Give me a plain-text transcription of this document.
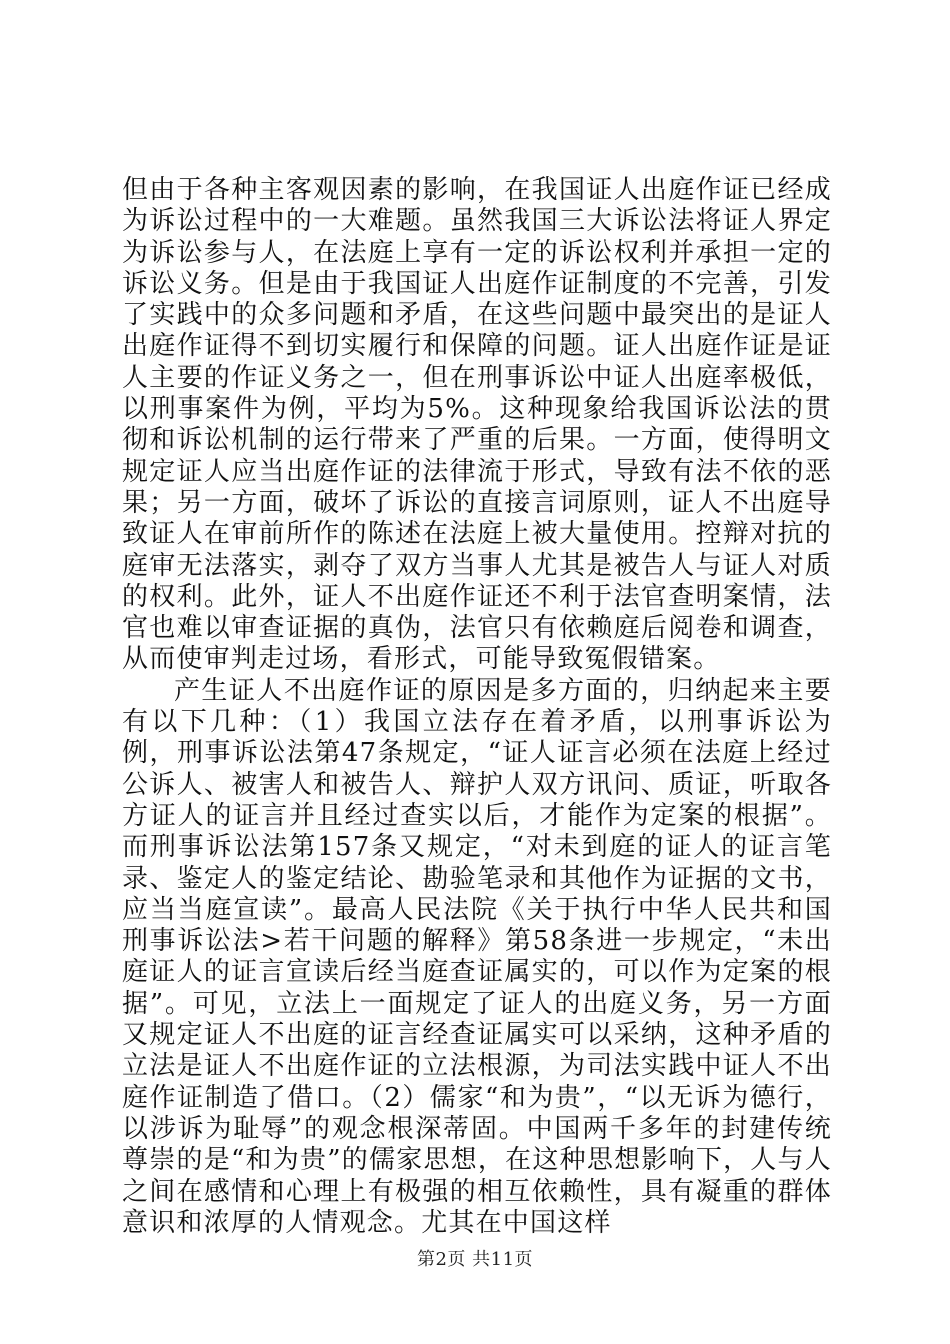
但由于各种主客观因素的影响，在我国证人出庭作证已经成为诉讼过程中的一大难题。虽然我国三大诉讼法将证人界定为诉讼参与人，在法庭上享有一定的诉讼权利并承担一定的诉讼义务。但是由于我国证人出庭作证制度的不完善，引发了实践中的众多问题和矛盾，在这些问题中最突出的是证人出庭作证得不到切实履行和保障的问题。证人出庭作证是证人主要的作证义务之一，但在刑事诉讼中证人出庭率极低，以刑事案件为例，平均为5%。这种现象给我国诉讼法的贯彻和诉讼机制的运行带来了严重的后果。一方面，使得明文规定证人应当出庭作证的法律流于形式，导致有法不依的恶果；另一方面，破坏了诉讼的直接言词原则，证人不出庭导致证人在审前所作的陈述在法庭上被大量使用。控辩对抗的庭审无法落实，剥夺了双方当事人尤其是被告人与证人对质的权利。此外，证人不出庭作证还不利于法官查明案情，法官也难以审查证据的真伪，法官只有依赖庭后阅卷和调查，从而使审判走过场，看形式，可能导致冤假错案。

产生证人不出庭作证的原因是多方面的，归纳起来主要有以下几种：（1）我国立法存在着矛盾，以刑事诉讼为例，刑事诉讼法第47条规定，“证人证言必须在法庭上经过公诉人、被害人和被告人、辩护人双方讯问、质证，听取各方证人的证言并且经过查实以后，才能作为定案的根据”。而刑事诉讼法第157条又规定，“对未到庭的证人的证言笔录、鉴定人的鉴定结论、勘验笔录和其他作为证据的文书，应当当庭宣读”。最高人民法院《关于执行中华人民共和国刑事诉讼法>若干问题的解释》第58条进一步规定，“未出庭证人的证言宣读后经当庭查证属实的，可以作为定案的根据”。可见，立法上一面规定了证人的出庭义务，另一方面又规定证人不出庭的证言经查证属实可以采纳，这种矛盾的立法是证人不出庭作证的立法根源，为司法实践中证人不出庭作证制造了借口。（2）儒家“和为贵”，“以无诉为德行，以涉诉为耻辱”的观念根深蒂固。中国两千多年的封建传统尊崇的是“和为贵”的儒家思想，在这种思想影响下，人与人之间在感情和心理上有极强的相互依赖性，具有凝重的群体意识和浓厚的人情观念。尤其在中国这样

第2页 共11页
